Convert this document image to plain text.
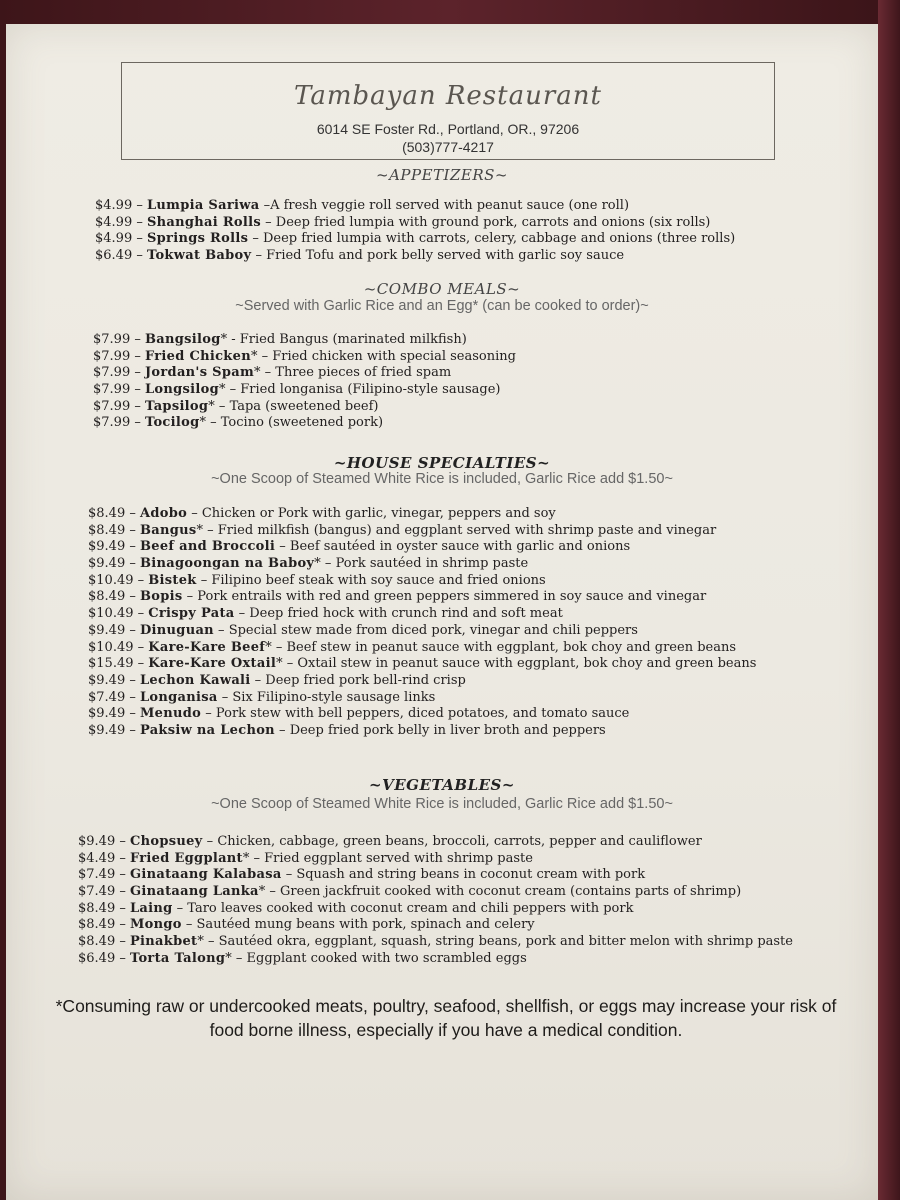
Tambayan Restaurant
6014 SE Foster Rd., Portland, OR., 97206
(503)777-4217
~APPETIZERS~
$4.99 – Lumpia Sariwa –A fresh veggie roll served with peanut sauce (one roll)
$4.99 – Shanghai Rolls – Deep fried lumpia with ground pork, carrots and onions (six rolls)
$4.99 – Springs Rolls – Deep fried lumpia with carrots, celery, cabbage and onions (three rolls)
$6.49 – Tokwat Baboy – Fried Tofu and pork belly served with garlic soy sauce
~COMBO MEALS~
~Served with Garlic Rice and an Egg* (can be cooked to order)~
$7.99 – Bangsilog* - Fried Bangus (marinated milkfish)
$7.99 – Fried Chicken* – Fried chicken with special seasoning
$7.99 – Jordan's Spam* – Three pieces of fried spam
$7.99 – Longsilog* – Fried longanisa (Filipino-style sausage)
$7.99 – Tapsilog* – Tapa (sweetened beef)
$7.99 – Tocilog* – Tocino (sweetened pork)
~HOUSE SPECIALTIES~
~One Scoop of Steamed White Rice is included, Garlic Rice add $1.50~
$8.49 – Adobo – Chicken or Pork with garlic, vinegar, peppers and soy
$8.49 – Bangus* – Fried milkfish (bangus) and eggplant served with shrimp paste and vinegar
$9.49 – Beef and Broccoli – Beef sautéed in oyster sauce with garlic and onions
$9.49 – Binagoongan na Baboy* – Pork sautéed in shrimp paste
$10.49 – Bistek – Filipino beef steak with soy sauce and fried onions
$8.49 – Bopis – Pork entrails with red and green peppers simmered in soy sauce and vinegar
$10.49 – Crispy Pata – Deep fried hock with crunch rind and soft meat
$9.49 – Dinuguan – Special stew made from diced pork, vinegar and chili peppers
$10.49 – Kare-Kare Beef* – Beef stew in peanut sauce with eggplant, bok choy and green beans
$15.49 – Kare-Kare Oxtail* – Oxtail stew in peanut sauce with eggplant, bok choy and green beans
$9.49 – Lechon Kawali – Deep fried pork bell-rind crisp
$7.49 – Longanisa – Six Filipino-style sausage links
$9.49 – Menudo – Pork stew with bell peppers, diced potatoes, and tomato sauce
$9.49 – Paksiw na Lechon – Deep fried pork belly in liver broth and peppers
~VEGETABLES~
~One Scoop of Steamed White Rice is included, Garlic Rice add $1.50~
$9.49 – Chopsuey – Chicken, cabbage, green beans, broccoli, carrots, pepper and cauliflower
$4.49 – Fried Eggplant* – Fried eggplant served with shrimp paste
$7.49 – Ginataang Kalabasa – Squash and string beans in coconut cream with pork
$7.49 – Ginataang Lanka* – Green jackfruit cooked with coconut cream (contains parts of shrimp)
$8.49 – Laing – Taro leaves cooked with coconut cream and chili peppers with pork
$8.49 – Mongo – Sautéed mung beans with pork, spinach and celery
$8.49 – Pinakbet* – Sautéed okra, eggplant, squash, string beans, pork and bitter melon with shrimp paste
$6.49 – Torta Talong* – Eggplant cooked with two scrambled eggs
*Consuming raw or undercooked meats, poultry, seafood, shellfish, or eggs may increase your risk of food borne illness, especially if you have a medical condition.
